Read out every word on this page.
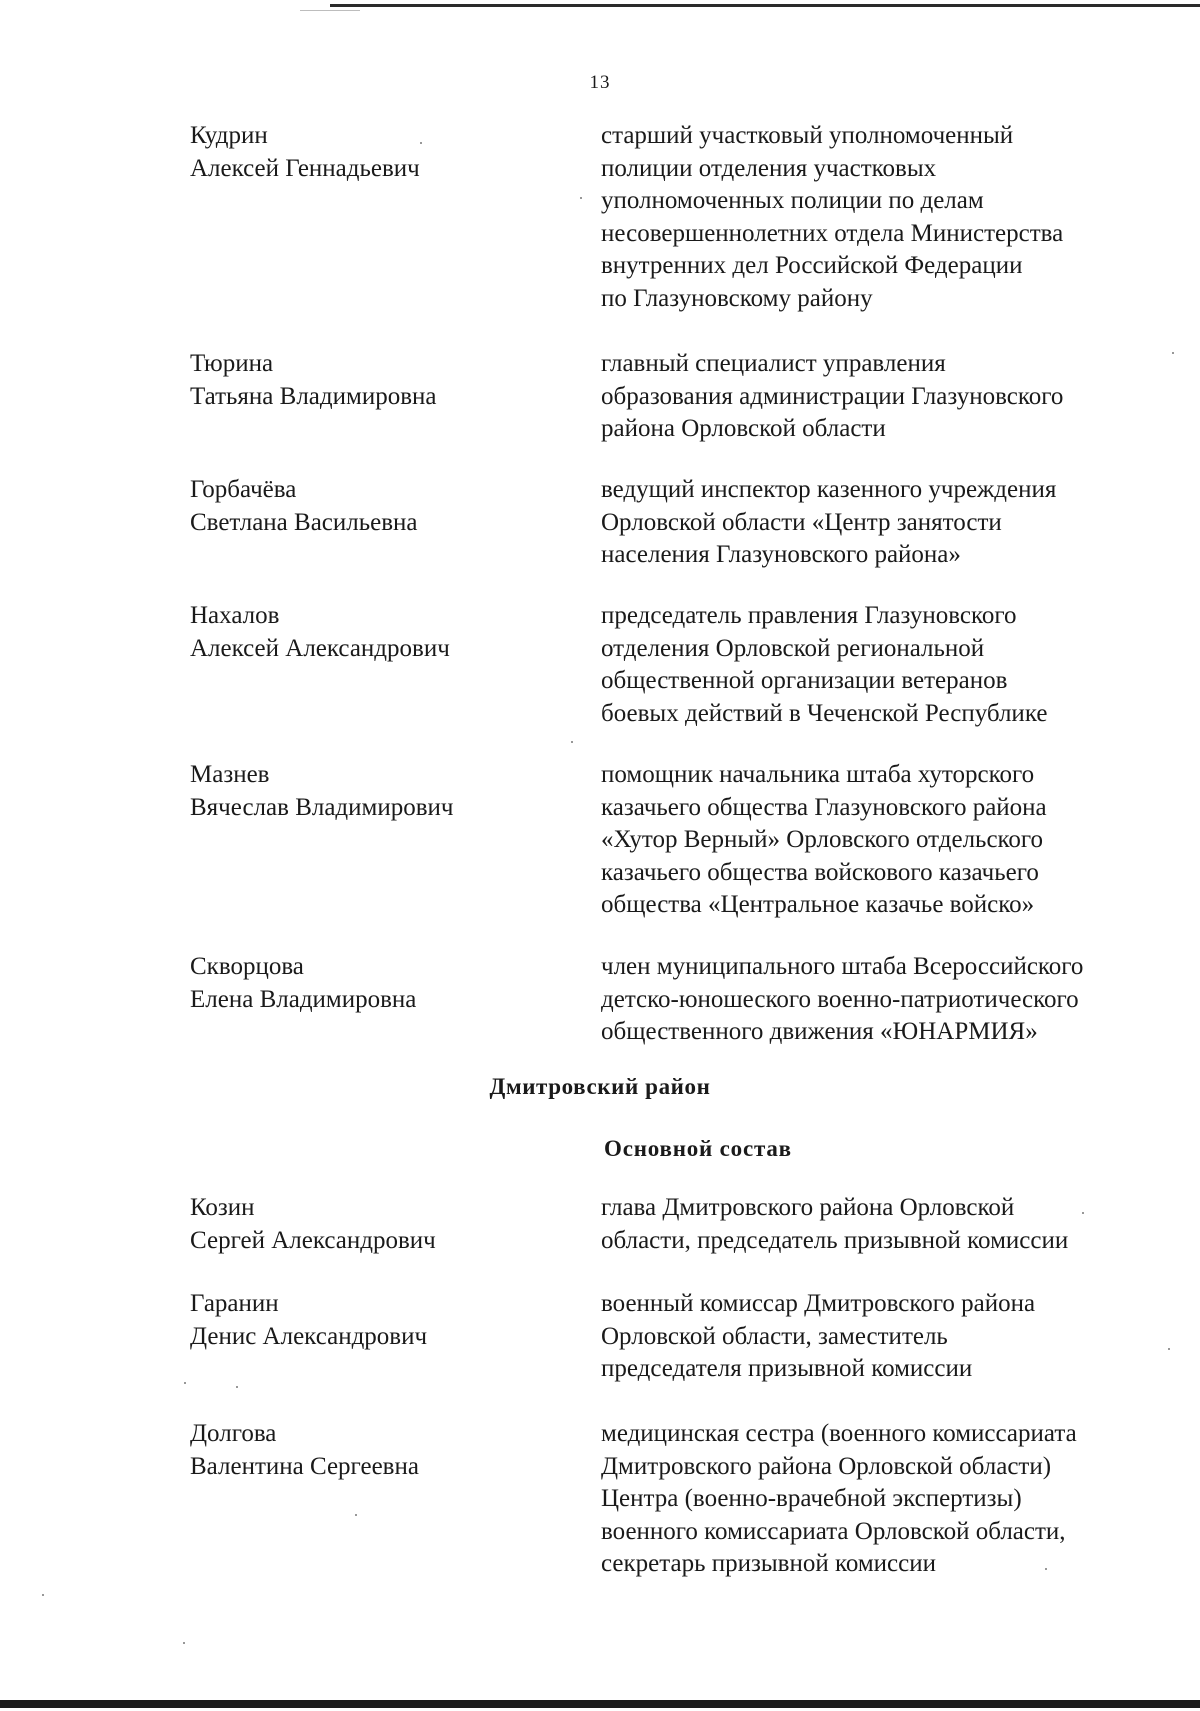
13
Кудрин
Алексей Геннадьевич
старший участковый уполномоченный
полиции отделения участковых
уполномоченных полиции по делам
несовершеннолетних отдела Министерства
внутренних дел Российской Федерации
по Глазуновскому району
Тюрина
Татьяна Владимировна
главный специалист управления
образования администрации Глазуновского
района Орловской области
Горбачёва
Светлана Васильевна
ведущий инспектор казенного учреждения
Орловской области «Центр занятости
населения Глазуновского района»
Нахалов
Алексей Александрович
председатель правления Глазуновского
отделения Орловской региональной
общественной организации ветеранов
боевых действий в Чеченской Республике
Мазнев
Вячеслав Владимирович
помощник начальника штаба хуторского
казачьего общества Глазуновского района
«Хутор Верный» Орловского отдельского
казачьего общества войскового казачьего
общества «Центральное казачье войско»
Скворцова
Елена Владимировна
член муниципального штаба Всероссийского
детско-юношеского военно-патриотического
общественного движения «ЮНАРМИЯ»
Дмитровский район
Основной состав
Козин
Сергей Александрович
глава Дмитровского района Орловской
области, председатель призывной комиссии
Гаранин
Денис Александрович
военный комиссар Дмитровского района
Орловской области, заместитель
председателя призывной комиссии
Долгова
Валентина Сергеевна
медицинская сестра (военного комиссариата
Дмитровского района Орловской области)
Центра (военно-врачебной экспертизы)
военного комиссариата Орловской области,
секретарь призывной комиссии
